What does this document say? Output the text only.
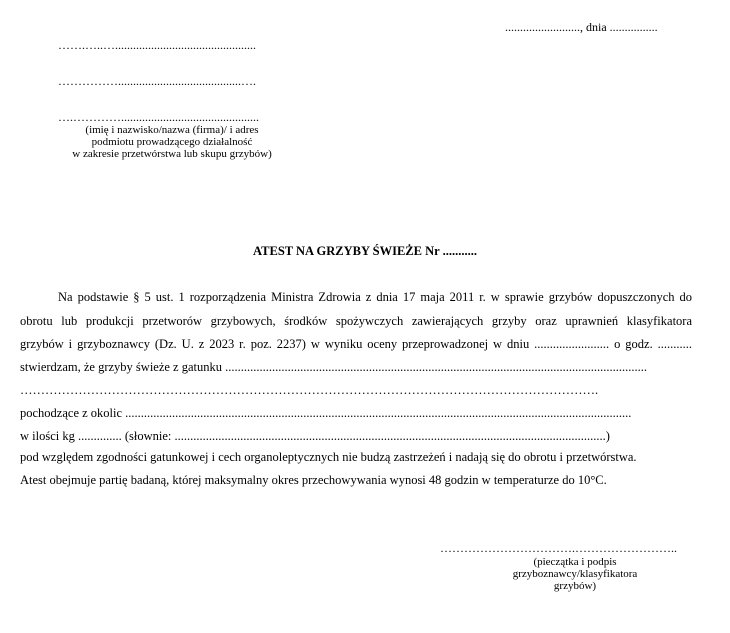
........................., dnia ................
…….…..…...............................................
…………….........................................….
….…………..............................................
(imię i nazwisko/nazwa (firma)/ i adres
podmiotu prowadzącego działalność
w zakresie przetwórstwa lub skupu grzybów)
ATEST NA GRZYBY ŚWIEŻE Nr ...........
Na podstawie § 5 ust. 1 rozporządzenia Ministra Zdrowia z dnia 17 maja 2011 r. w sprawie grzybów dopuszczonych do
obrotu lub produkcji przetworów grzybowych, środków spożywczych zawierających grzyby oraz uprawnień klasyfikatora
grzybów i grzyboznawcy (Dz. U. z 2023 r. poz. 2237) w wyniku oceny przeprowadzonej w dniu ........................ o godz. ...........
stwierdzam, że grzyby świeże z gatunku .......................................................................................................................................
………………………………………………………………………………………………………………………….
pochodzące z okolic ..................................................................................................................................................................
w ilości kg .............. (słownie: ..........................................................................................................................................)
pod względem zgodności gatunkowej i cech organoleptycznych nie budzą zastrzeżeń i nadają się do obrotu i przetwórstwa.
Atest obejmuje partię badaną, której maksymalny okres przechowywania wynosi 48 godzin w temperaturze do 10°C.
…………………………….……………………..
(pieczątka i podpis
grzyboznawcy/klasyfikatora
grzybów)
